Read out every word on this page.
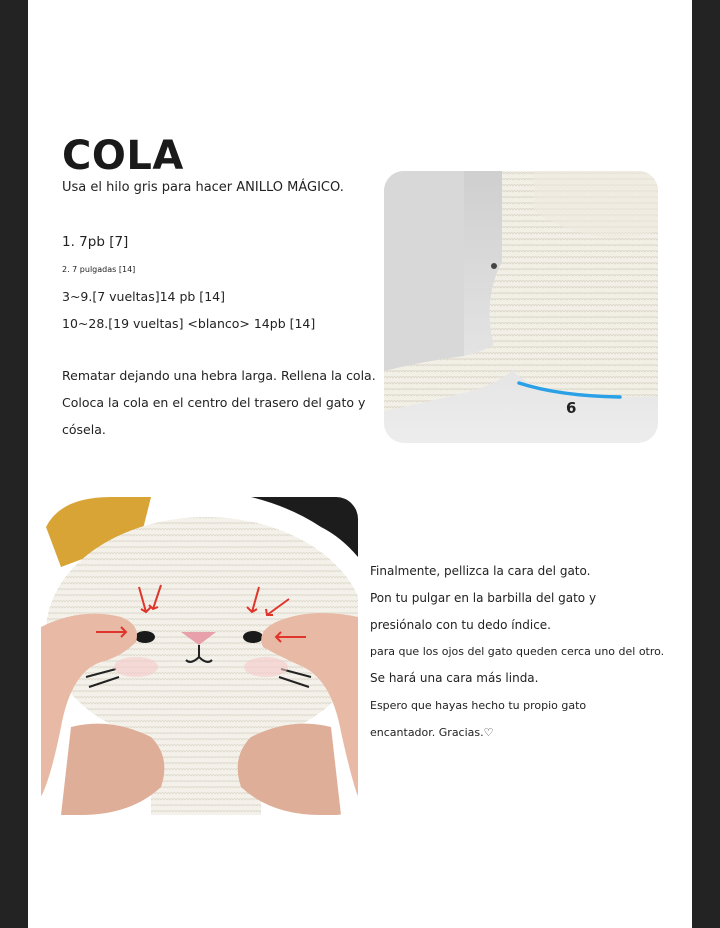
COLA
Usa el hilo gris para hacer ANILLO MÁGICO.
1. 7pb [7]
2. 7 pulgadas [14]
3~9.[7 vueltas]14 pb [14]
10~28.[19 vueltas] <blanco> 14pb [14]
Rematar dejando una hebra larga. Rellena la cola.
Coloca la cola en el centro del trasero del gato y
cósela.
6
Finalmente, pellizca la cara del gato.
Pon tu pulgar en la barbilla del gato y
presiónalo con tu dedo índice.
para que los ojos del gato queden cerca uno del otro.
Se hará una cara más linda.
Espero que hayas hecho tu propio gato
encantador. Gracias.♡
